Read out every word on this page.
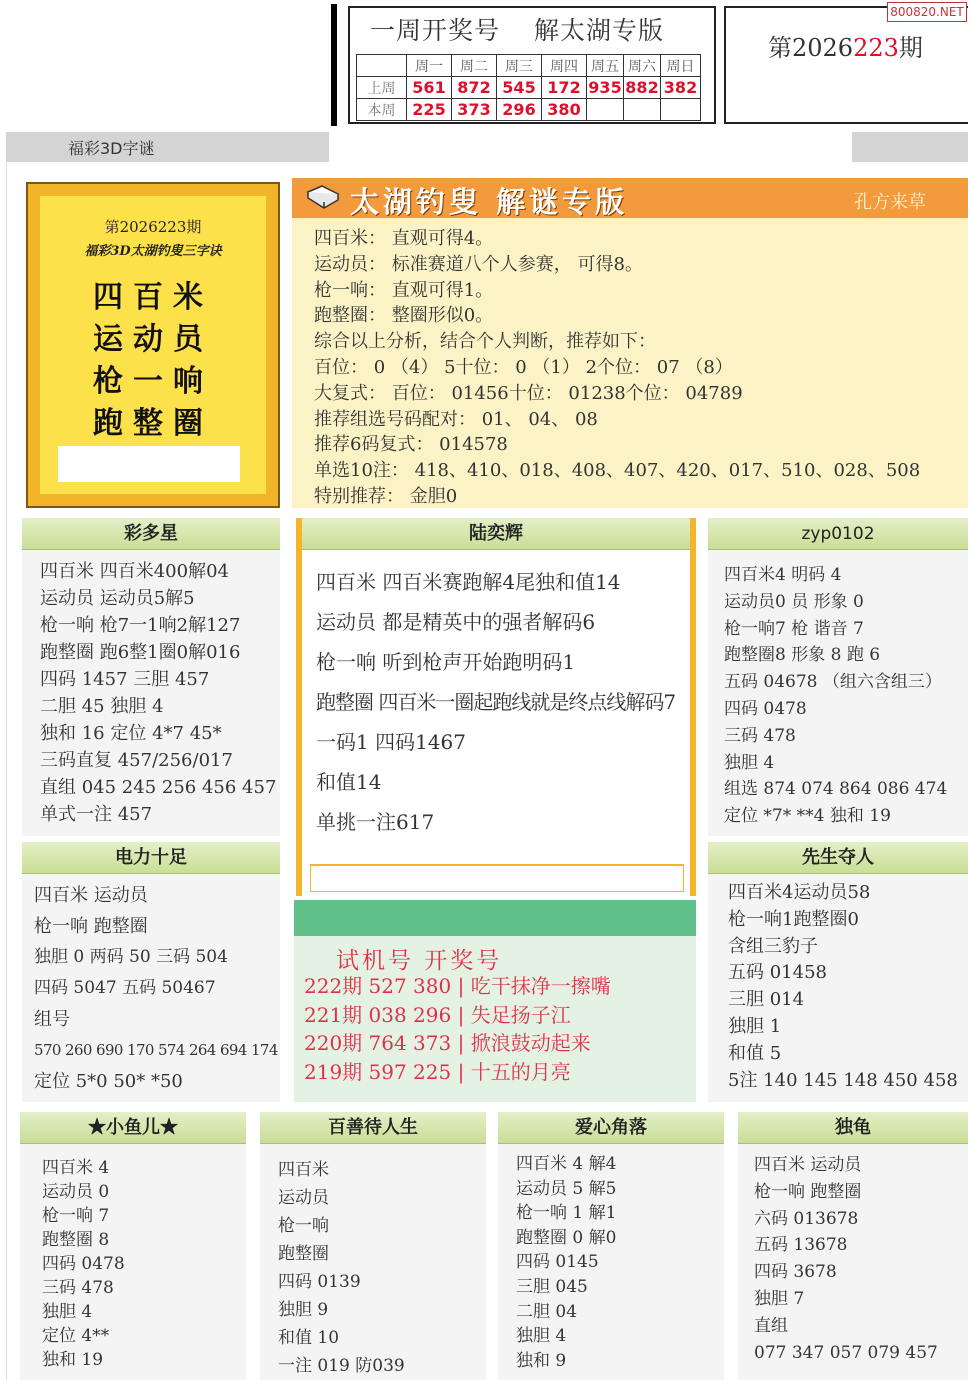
一周开奖号 解太湖专版
	周一	周二	周三	周四	周五	周六	周日
上周	561	872	545	172	935	882	382
本周	225	373	296	380			
第2026223期
800820.NET
福彩3D字谜
第2026223期
福彩3D太湖钓叟三字诀
四百米
运动员
枪一响
跑整圈
太湖钓叟 解谜专版	孔方来草
四百米： 直观可得4。
运动员： 标准赛道八个人参赛， 可得8。
枪一响： 直观可得1。
跑整圈： 整圈形似0。
综合以上分析，结合个人判断，推荐如下：
百位： 0 （4） 5十位： 0 （1） 2个位： 07 （8）
大复式： 百位： 01456十位： 01238个位： 04789
推荐组选号码配对： 01、 04、 08
推荐6码复式： 014578
单选10注： 418、410、018、408、407、420、017、510、028、508
特别推荐： 金胆0
彩多星
四百米 四百米400解04
运动员 运动员5解5
枪一响 枪7一1响2解127
跑整圈 跑6整1圈0解016
四码 1457 三胆 457
二胆 45 独胆 4
独和 16 定位 4*7 45*
三码直复 457/256/017
直组 045 245 256 456 457
单式一注 457
陆奕辉
四百米 四百米赛跑解4尾独和值14
运动员 都是精英中的强者解码6
枪一响 听到枪声开始跑明码1
跑整圈 四百米一圈起跑线就是终点线解码7
一码1 四码1467
和值14
单挑一注617
zyp0102
四百米4 明码 4
运动员0 员 形象 0
枪一响7 枪 谐音 7
跑整圈8 形象 8 跑 6
五码 04678 （组六含组三）
四码 0478
三码 478
独胆 4
组选 874 074 864 086 474
定位 *7* **4 独和 19
电力十足
四百米 运动员
枪一响 跑整圈
独胆 0 两码 50 三码 504
四码 5047 五码 50467
组号
570 260 690 170 574 264 694 174
定位 5*0 50* *50
试机号 开奖号
222期 527 380 | 吃干抹净一擦嘴
221期 038 296 | 失足扬子江
220期 764 373 | 掀浪鼓动起来
219期 597 225 | 十五的月亮
先生夺人
四百米4运动员58
枪一响1跑整圈0
含组三豹子
五码 01458
三胆 014
独胆 1
和值 5
5注 140 145 148 450 458
★小鱼儿★
四百米 4
运动员 0
枪一响 7
跑整圈 8
四码 0478
三码 478
独胆 4
定位 4**
独和 19
百善待人生
四百米
运动员
枪一响
跑整圈
四码 0139
独胆 9
和值 10
一注 019 防039
爱心角落
四百米 4 解4
运动员 5 解5
枪一响 1 解1
跑整圈 0 解0
四码 0145
三胆 045
二胆 04
独胆 4
独和 9
独龟
四百米 运动员
枪一响 跑整圈
六码 013678
五码 13678
四码 3678
独胆 7
直组
077 347 057 079 457
